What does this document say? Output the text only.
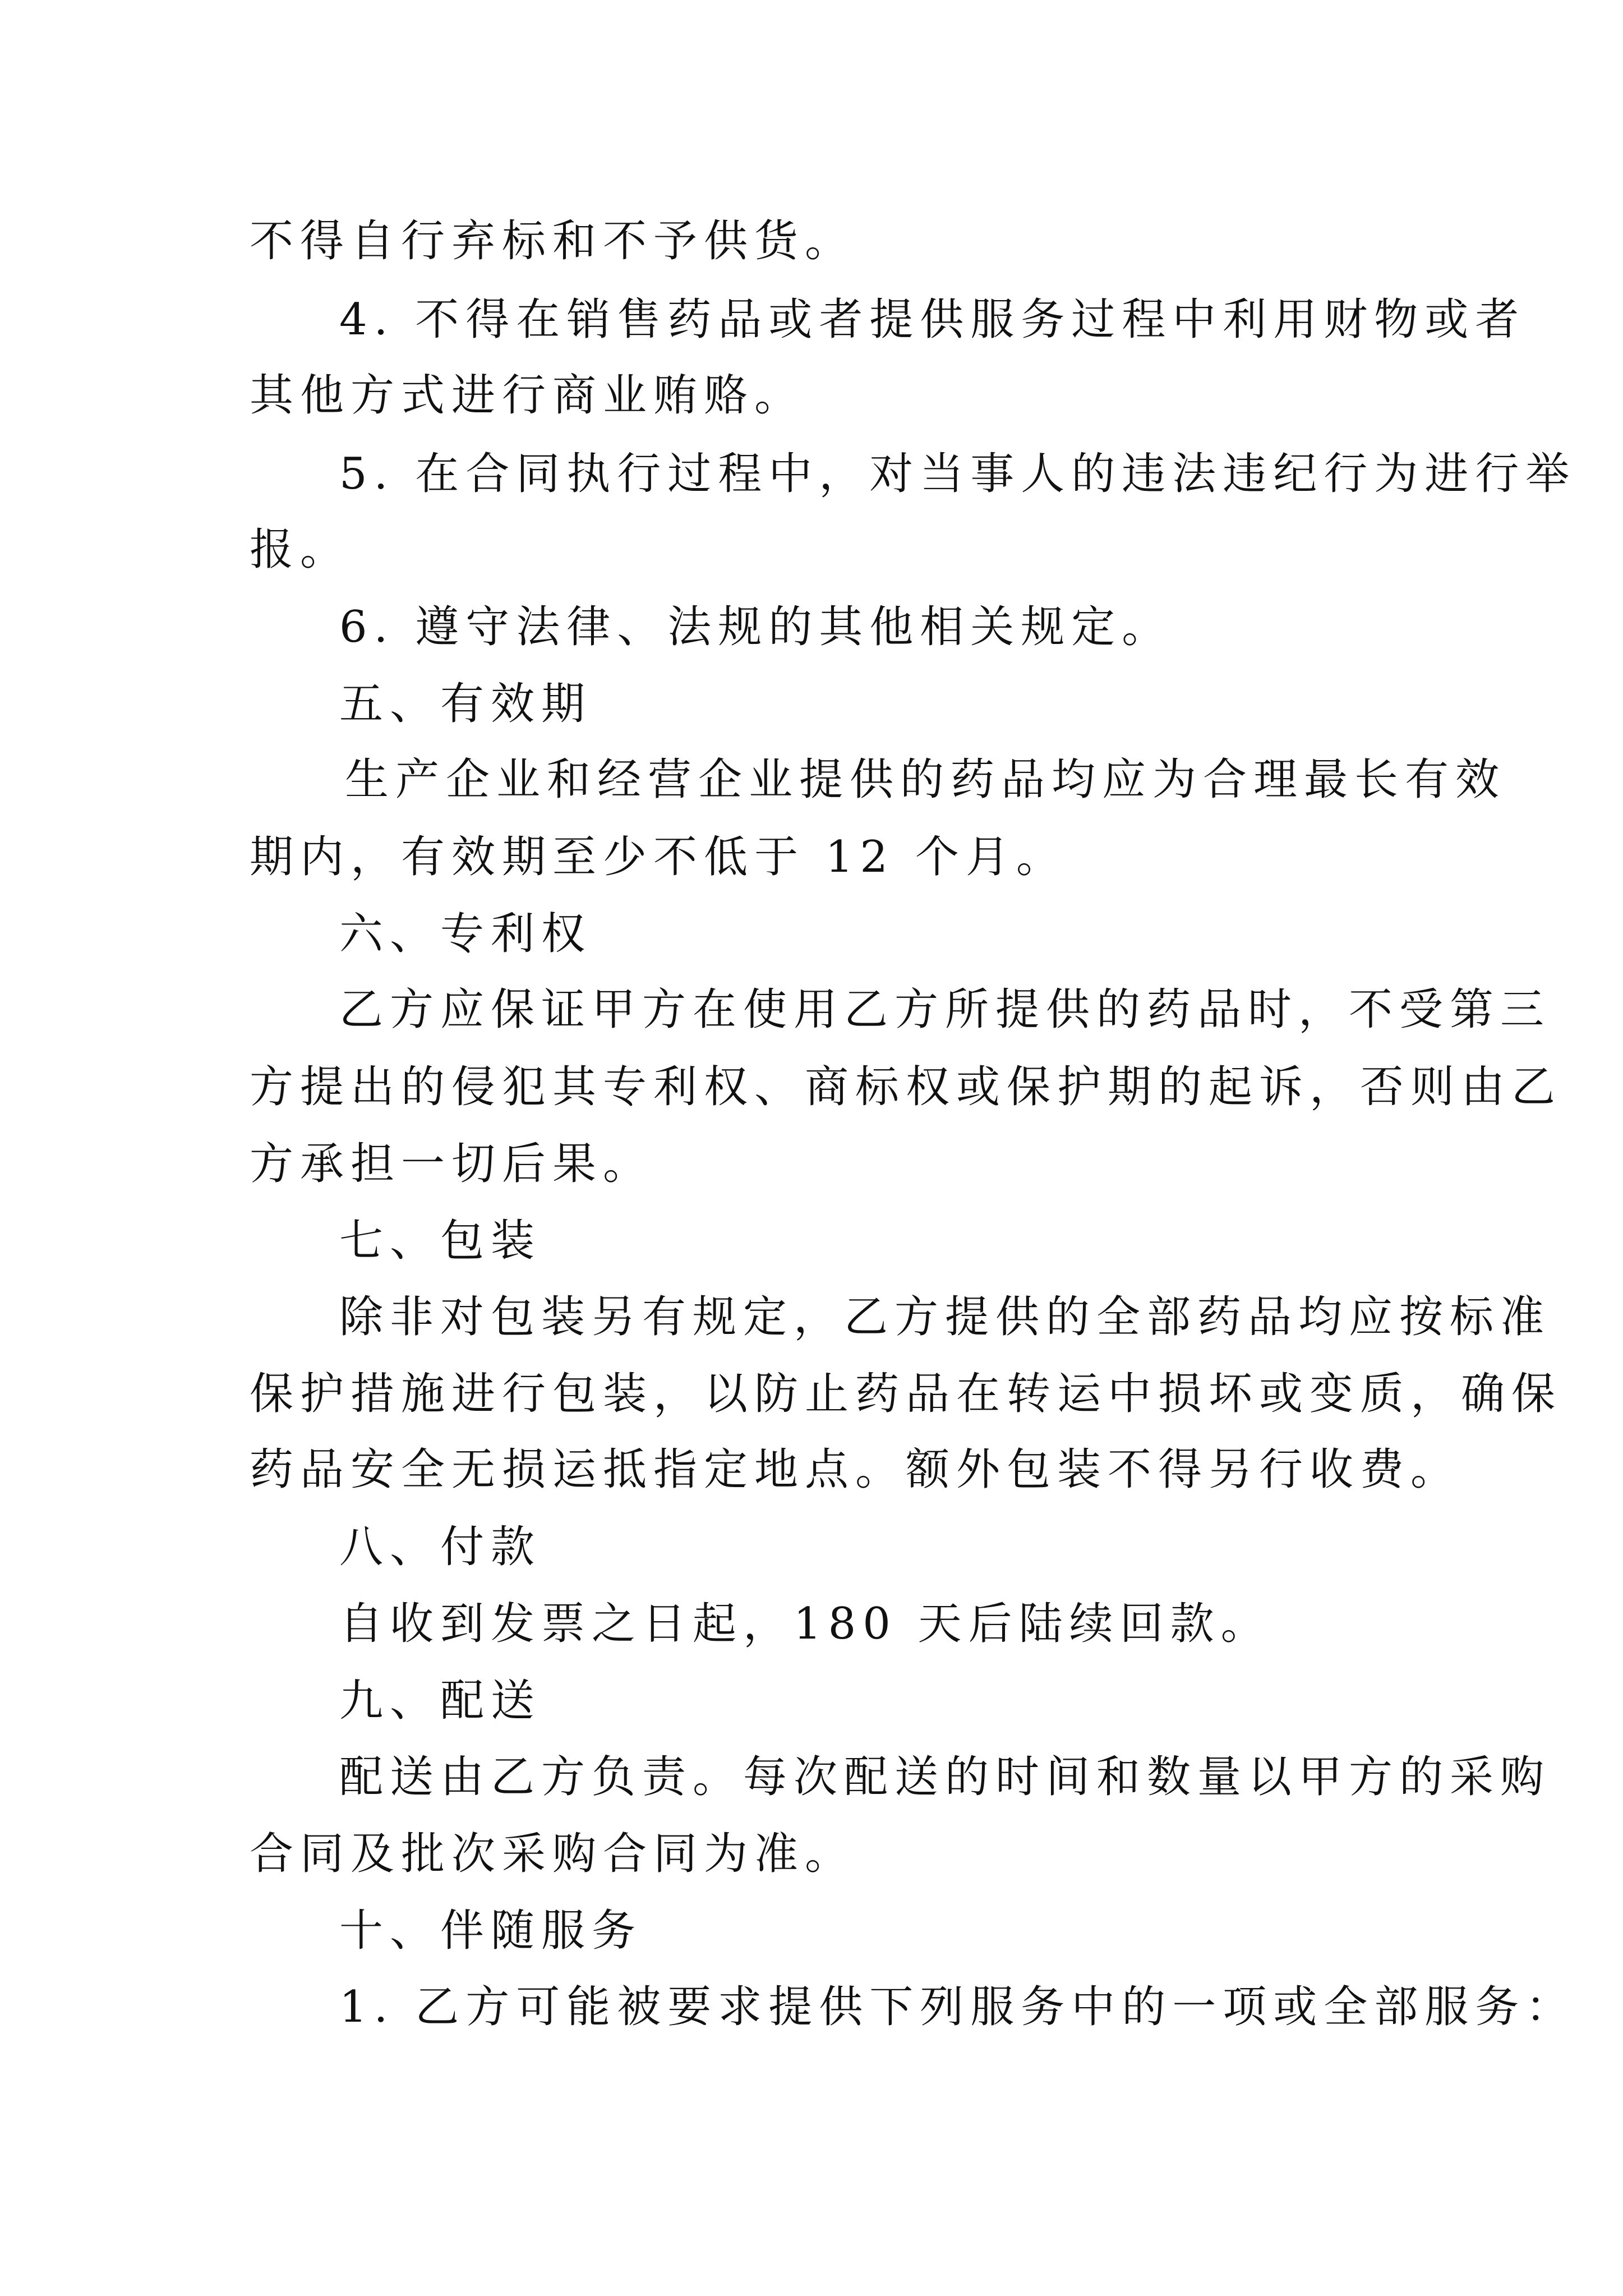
不得自行弃标和不予供货。
4. 不得在销售药品或者提供服务过程中利用财物或者
其他方式进行商业贿赂。
5. 在合同执行过程中，对当事人的违法违纪行为进行举
报。
6. 遵守法律、法规的其他相关规定。
五、有效期
生产企业和经营企业提供的药品均应为合理最长有效
期内，有效期至少不低于 12 个月。
六、专利权
乙方应保证甲方在使用乙方所提供的药品时，不受第三
方提出的侵犯其专利权、商标权或保护期的起诉，否则由乙
方承担一切后果。
七、包装
除非对包装另有规定，乙方提供的全部药品均应按标准
保护措施进行包装，以防止药品在转运中损坏或变质，确保
药品安全无损运抵指定地点。额外包装不得另行收费。
八、付款
自收到发票之日起，180 天后陆续回款。
九、配送
配送由乙方负责。每次配送的时间和数量以甲方的采购
合同及批次采购合同为准。
十、伴随服务
1. 乙方可能被要求提供下列服务中的一项或全部服务：
